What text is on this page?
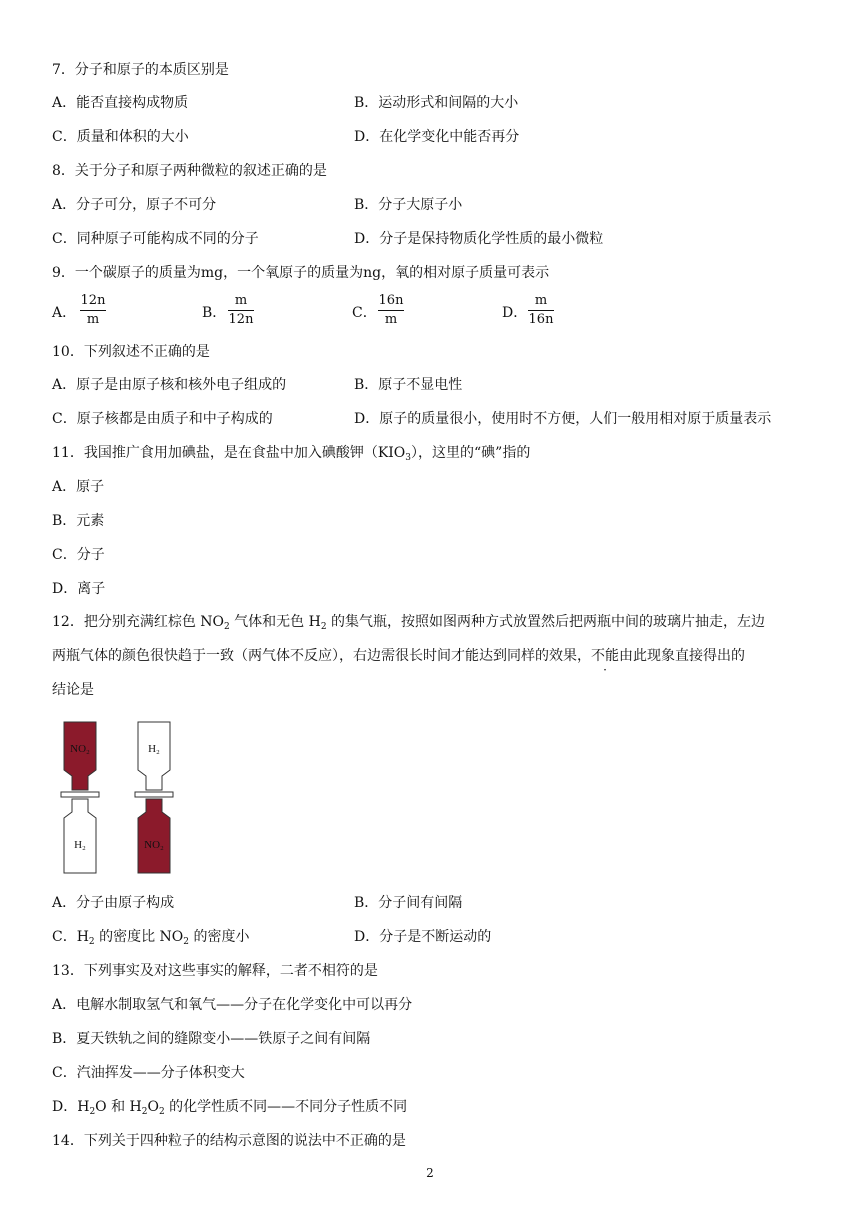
7．分子和原子的本质区别是
A．能否直接构成物质	B．运动形式和间隔的大小
C．质量和体积的大小	D．在化学变化中能否再分
8．关于分子和原子两种微粒的叙述正确的是
A．分子可分，原子不可分	B．分子大原子小
C．同种原子可能构成不同的分子	D．分子是保持物质化学性质的最小微粒
9．一个碳原子的质量为mg，一个氧原子的质量为ng，氧的相对原子质量可表示
A．
12n
m	B．
m
12n	C．
16n
m	D．
m
16n
10．下列叙述不正确的是
A．原子是由原子核和核外电子组成的	B．原子不显电性
C．原子核都是由质子和中子构成的	D．原子的质量很小，使用时不方便，人们一般用相对原于质量表示
11．我国推广食用加碘盐，是在食盐中加入碘酸钾$(KIO_3)$，这里的“碘”指的
A．原子
B．元素
C．分子
D．离子
12．把分别充满红棕色 $NO_2$ 气体和无色 $H_2$ 的集气瓶，按照如图两种方式放置然后把两瓶中间的玻璃片抽走，左边
两瓶气体的颜色很快趋于一致（两气体不反应），右边需很长时间才能达到同样的效果，不能由此现象直接得出的
结论是
NO₂
H₂
H₂
NO₂
A．分子由原子构成	B．分子间有间隔
C．$H_2$ 的密度比 $NO_2$ 的密度小	D．分子是不断运动的
13．下列事实及对这些事实的解释，二者不相符的是
A．电解水制取氢气和氧气——分子在化学变化中可以再分
B．夏天铁轨之间的缝隙变小——铁原子之间有间隔
C．汽油挥发——分子体积变大
D．$H_2O$ 和 $H_2O_2$ 的化学性质不同——不同分子性质不同
14．下列关于四种粒子的结构示意图的说法中不正确的是
2
